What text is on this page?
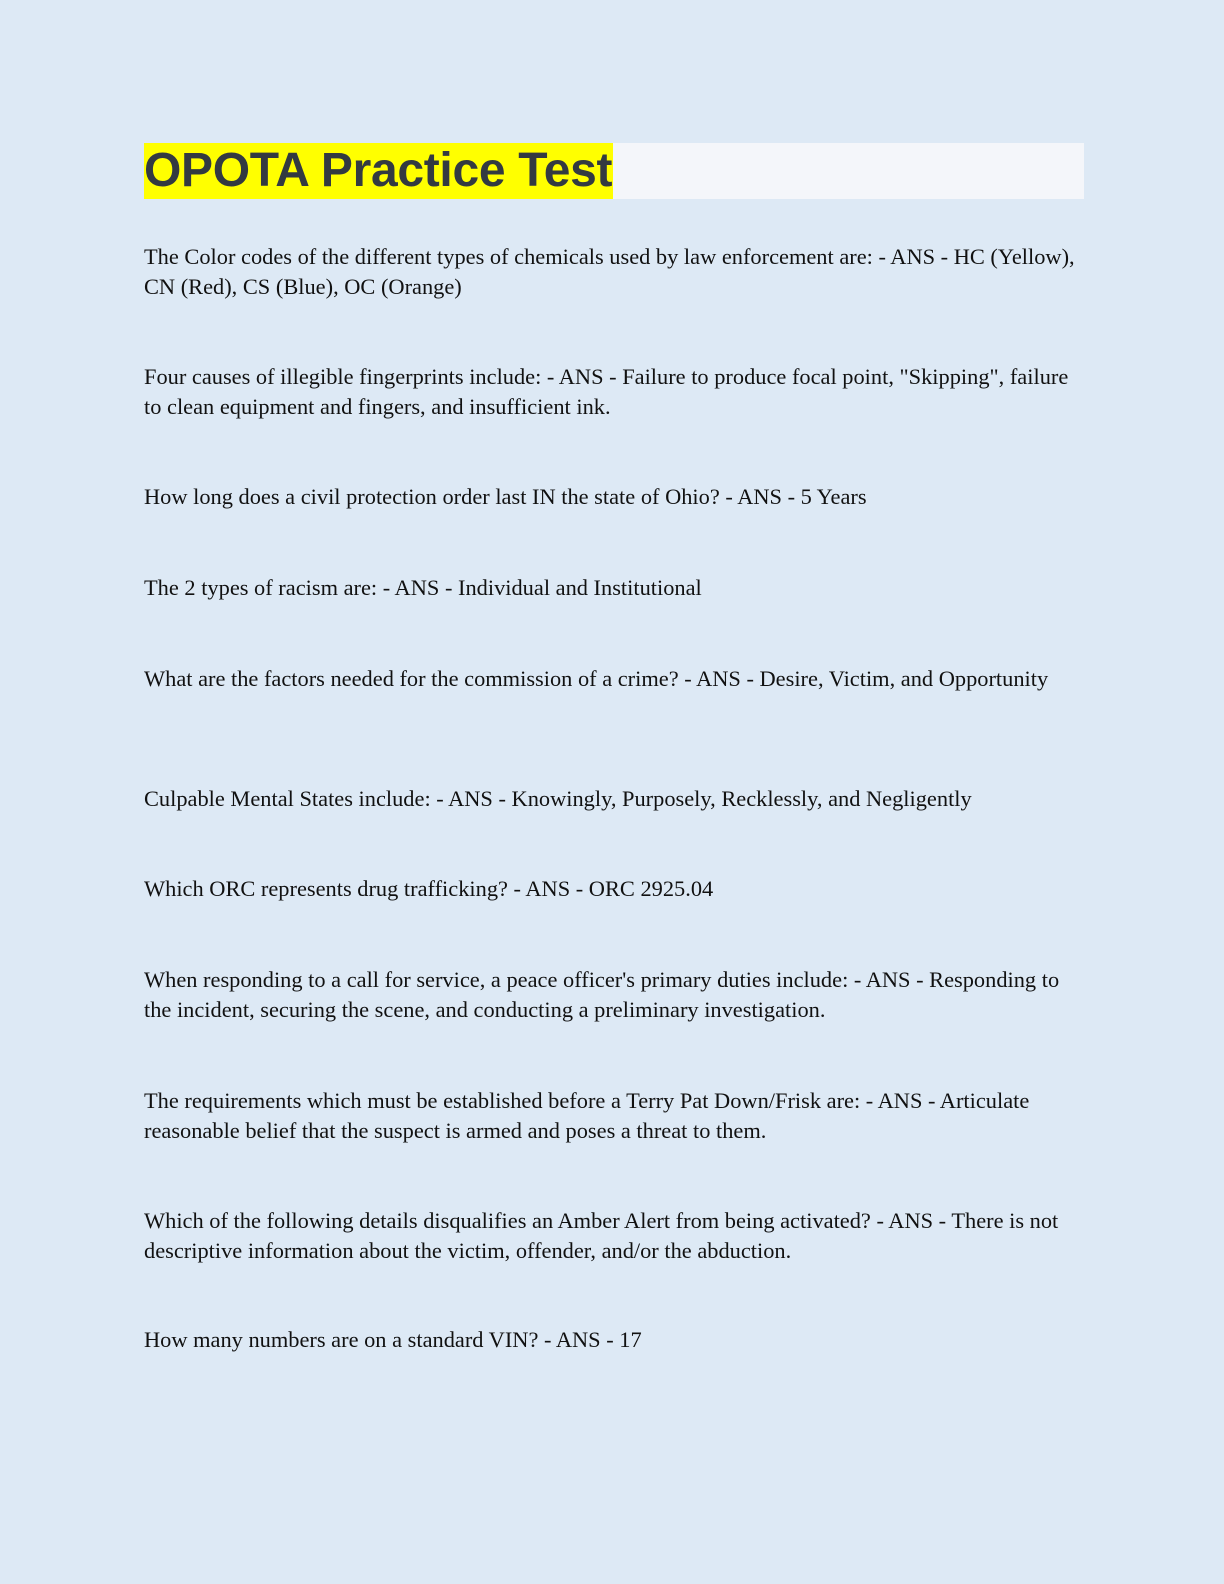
OPOTA Practice Test

The Color codes of the different types of chemicals used by law enforcement are: - ANS - HC (Yellow), CN (Red), CS (Blue), OC (Orange)

Four causes of illegible fingerprints include: - ANS - Failure to produce focal point, "Skipping", failure to clean equipment and fingers, and insufficient ink.

How long does a civil protection order last IN the state of Ohio? - ANS - 5 Years

The 2 types of racism are: - ANS - Individual and Institutional

What are the factors needed for the commission of a crime? - ANS - Desire, Victim, and Opportunity

Culpable Mental States include: - ANS - Knowingly, Purposely, Recklessly, and Negligently

Which ORC represents drug trafficking? - ANS - ORC 2925.04

When responding to a call for service, a peace officer's primary duties include: - ANS - Responding to the incident, securing the scene, and conducting a preliminary investigation.

The requirements which must be established before a Terry Pat Down/Frisk are: - ANS - Articulate reasonable belief that the suspect is armed and poses a threat to them.

Which of the following details disqualifies an Amber Alert from being activated? - ANS - There is not descriptive information about the victim, offender, and/or the abduction.

How many numbers are on a standard VIN? - ANS - 17
